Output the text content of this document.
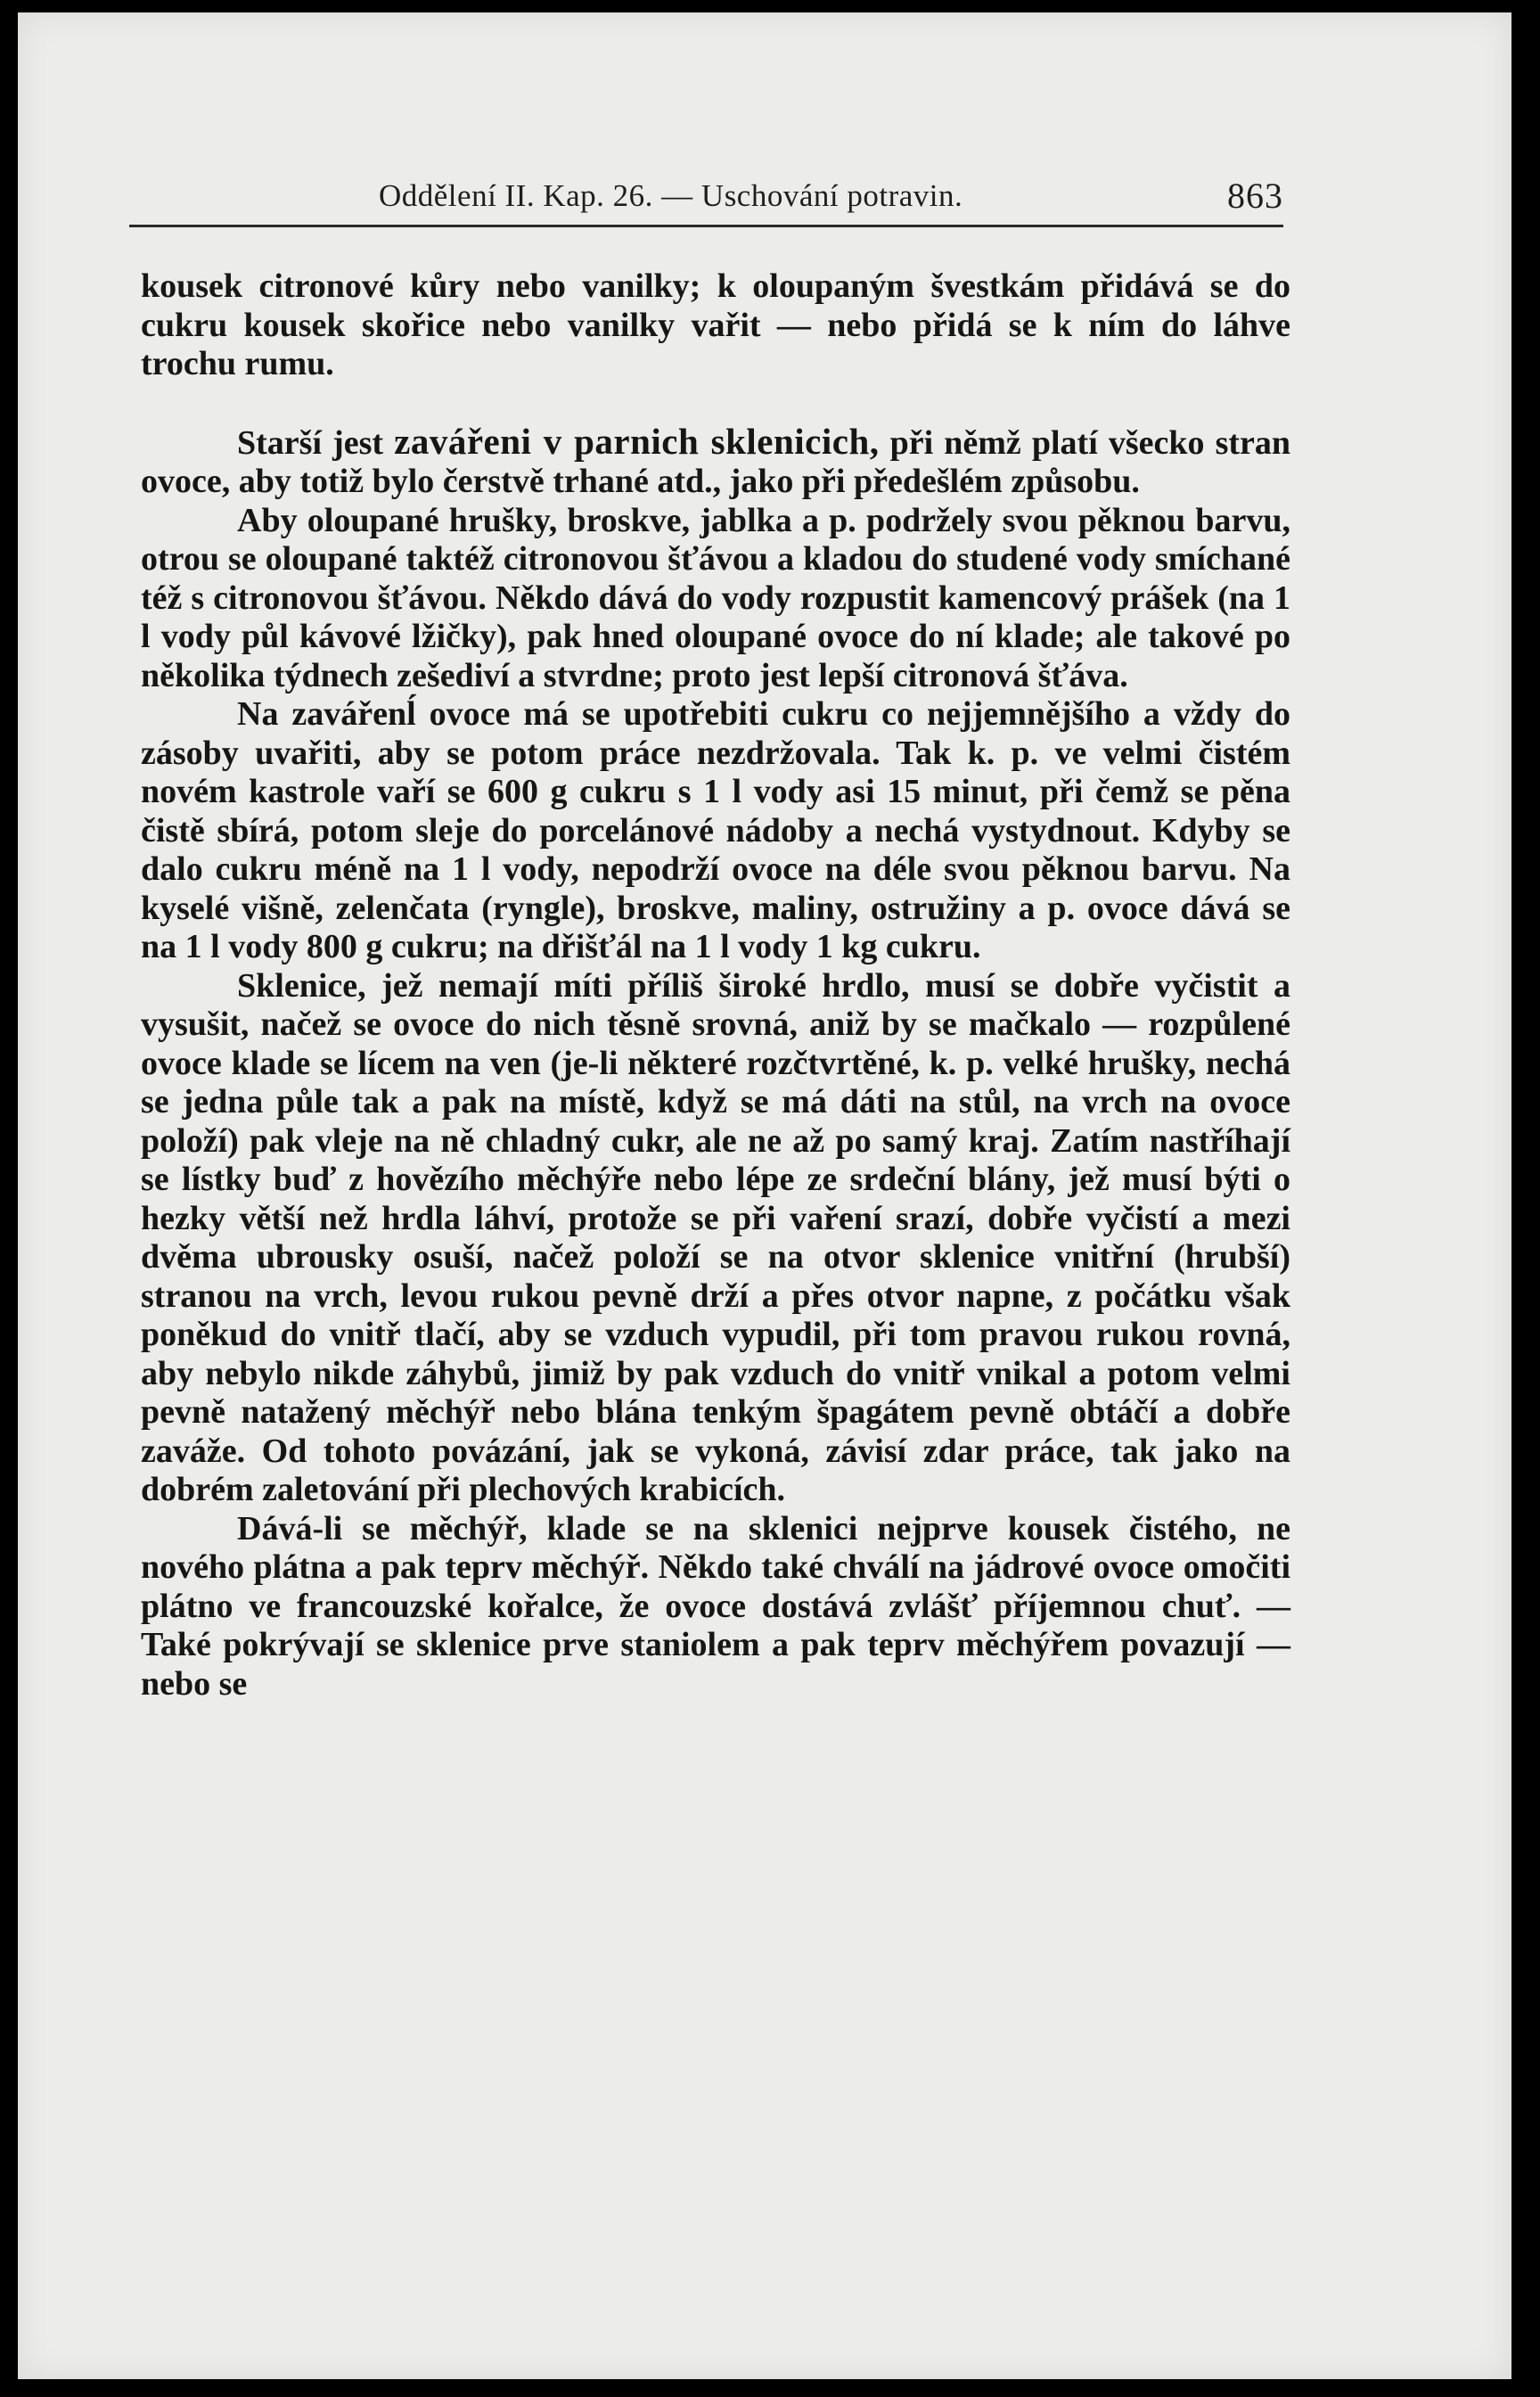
Oddělení II. Kap. 26. — Uschování potravin.	863

kousek citronové kůry nebo vanilky; k oloupaným švestkám přidává se do cukru kousek skořice nebo vanilky vařit — nebo přidá se k ním do láhve trochu rumu.

Starší jest zavářeni v parnich sklenicich, při němž platí všecko stran ovoce, aby totiž bylo čerstvě trhané atd., jako při předešlém způsobu.

Aby oloupané hrušky, broskve, jablka a p. podržely svou pěknou barvu, otrou se oloupané taktéž citronovou šťávou a kladou do studené vody smíchané též s citronovou šťávou. Někdo dává do vody rozpustit kamencový prášek (na 1 l vody půl kávové lžičky), pak hned oloupané ovoce do ní klade; ale takové po několika týdnech zešediví a stvrdne; proto jest lepší citronová šťáva.

Na zavářenĺ ovoce má se upotřebiti cukru co nejjemnějšího a vždy do zásoby uvařiti, aby se potom práce nezdržovala. Tak k. p. ve velmi čistém novém kastrole vaří se 600 g cukru s 1 l vody asi 15 minut, při čemž se pěna čistě sbírá, potom sleje do porcelánové nádoby a nechá vystydnout. Kdyby se dalo cukru méně na 1 l vody, nepodrží ovoce na déle svou pěknou barvu. Na kyselé višně, zelenčata (ryngle), broskve, maliny, ostružiny a p. ovoce dává se na 1 l vody 800 g cukru; na dřišťál na 1 l vody 1 kg cukru.

Sklenice, jež nemají míti příliš široké hrdlo, musí se dobře vyčistit a vysušit, načež se ovoce do nich těsně srovná, aniž by se mačkalo — rozpůlené ovoce klade se lícem na ven (je-li některé rozčtvrtěné, k. p. velké hrušky, nechá se jedna půle tak a pak na místě, když se má dáti na stůl, na vrch na ovoce položí) pak vleje na ně chladný cukr, ale ne až po samý kraj. Zatím nastříhají se lístky buď z hovězího měchýře nebo lépe ze srdeční blány, jež musí býti o hezky větší než hrdla láhví, protože se při vaření srazí, dobře vyčistí a mezi dvěma ubrousky osuší, načež položí se na otvor sklenice vnitřní (hrubší) stranou na vrch, levou rukou pevně drží a přes otvor napne, z počátku však poněkud do vnitř tlačí, aby se vzduch vypudil, při tom pravou rukou rovná, aby nebylo nikde záhybů, jimiž by pak vzduch do vnitř vnikal a potom velmi pevně natažený měchýř nebo blána tenkým špagátem pevně obtáčí a dobře zaváže. Od tohoto povázání, jak se vykoná, závisí zdar práce, tak jako na dobrém zaletování při plechových krabicích.

Dává-li se měchýř, klade se na sklenici nejprve kousek čistého, ne nového plátna a pak teprv měchýř. Někdo také chválí na jádrové ovoce omočiti plátno ve francouzské kořalce, že ovoce dostává zvlášť příjemnou chuť. — Také pokrývají se sklenice prve staniolem a pak teprv měchýřem povazují — nebo se
